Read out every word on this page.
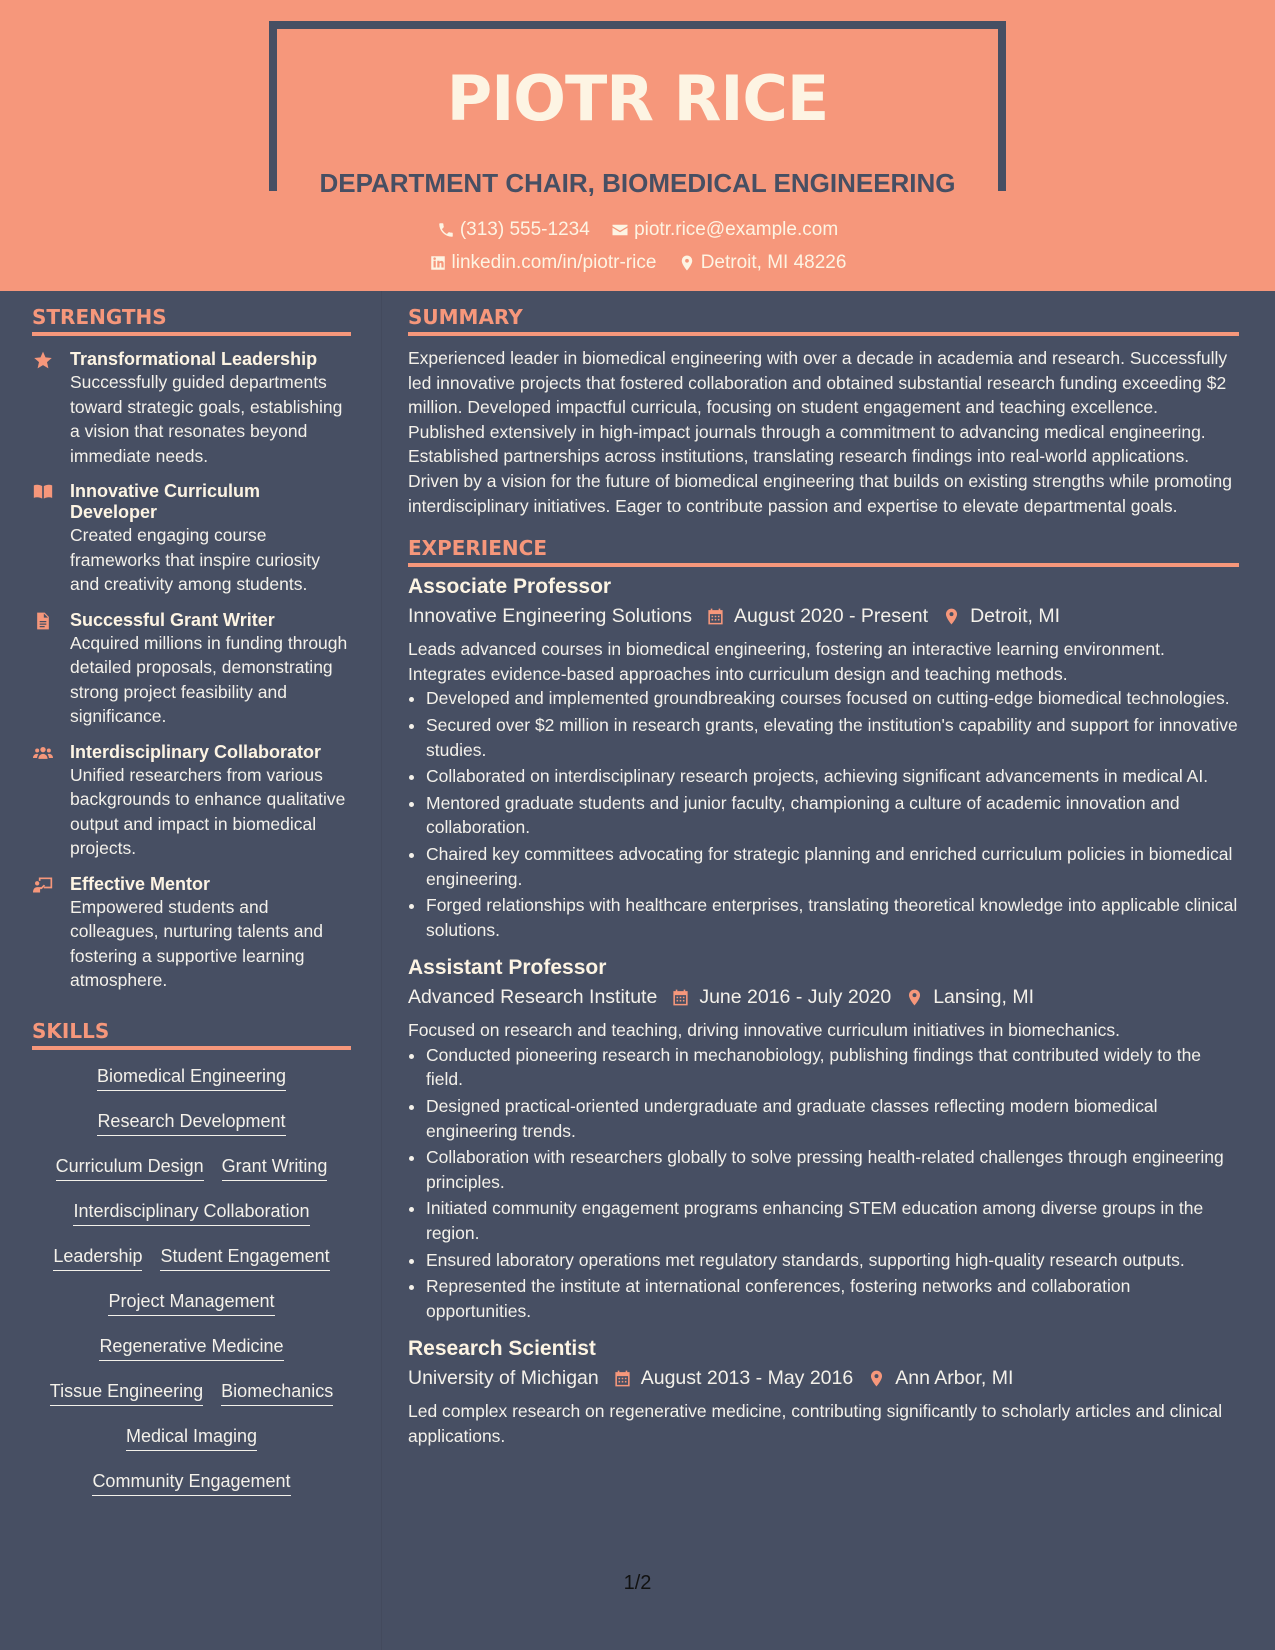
PIOTR RICE
DEPARTMENT CHAIR, BIOMEDICAL ENGINEERING
(313) 555-1234
piotr.rice@example.com
linkedin.com/in/piotr-rice
Detroit, MI 48226
STRENGTHS
Transformational Leadership
Successfully guided departments toward strategic goals, establishing a vision that resonates beyond immediate needs.
Innovative Curriculum Developer
Created engaging course frameworks that inspire curiosity and creativity among students.
Successful Grant Writer
Acquired millions in funding through detailed proposals, demonstrating strong project feasibility and significance.
Interdisciplinary Collaborator
Unified researchers from various backgrounds to enhance qualitative output and impact in biomedical projects.
Effective Mentor
Empowered students and colleagues, nurturing talents and fostering a supportive learning atmosphere.
SKILLS
Biomedical Engineering
Research Development
Curriculum Design Grant Writing
Interdisciplinary Collaboration
Leadership Student Engagement
Project Management
Regenerative Medicine
Tissue Engineering Biomechanics
Medical Imaging
Community Engagement
SUMMARY

Experienced leader in biomedical engineering with over a decade in academia and research. Successfully led innovative projects that fostered collaboration and obtained substantial research funding exceeding $2 million. Developed impactful curricula, focusing on student engagement and teaching excellence. Published extensively in high-impact journals through a commitment to advancing medical engineering. Established partnerships across institutions, translating research findings into real-world applications. Driven by a vision for the future of biomedical engineering that builds on existing strengths while promoting interdisciplinary initiatives. Eager to contribute passion and expertise to elevate departmental goals.

EXPERIENCE
Associate Professor
Innovative Engineering Solutions August 2020 - Present Detroit, MI
Leads advanced courses in biomedical engineering, fostering an interactive learning environment. Integrates evidence-based approaches into curriculum design and teaching methods.
• Developed and implemented groundbreaking courses focused on cutting-edge biomedical technologies.
• Secured over $2 million in research grants, elevating the institution's capability and support for innovative studies.
• Collaborated on interdisciplinary research projects, achieving significant advancements in medical AI.
• Mentored graduate students and junior faculty, championing a culture of academic innovation and collaboration.
• Chaired key committees advocating for strategic planning and enriched curriculum policies in biomedical engineering.
• Forged relationships with healthcare enterprises, translating theoretical knowledge into applicable clinical solutions.
Assistant Professor
Advanced Research Institute June 2016 - July 2020 Lansing, MI
Focused on research and teaching, driving innovative curriculum initiatives in biomechanics.
• Conducted pioneering research in mechanobiology, publishing findings that contributed widely to the field.
• Designed practical-oriented undergraduate and graduate classes reflecting modern biomedical engineering trends.
• Collaboration with researchers globally to solve pressing health-related challenges through engineering principles.
• Initiated community engagement programs enhancing STEM education among diverse groups in the region.
• Ensured laboratory operations met regulatory standards, supporting high-quality research outputs.
• Represented the institute at international conferences, fostering networks and collaboration opportunities.
Research Scientist
University of Michigan August 2013 - May 2016 Ann Arbor, MI
Led complex research on regenerative medicine, contributing significantly to scholarly articles and clinical applications.
1/2
